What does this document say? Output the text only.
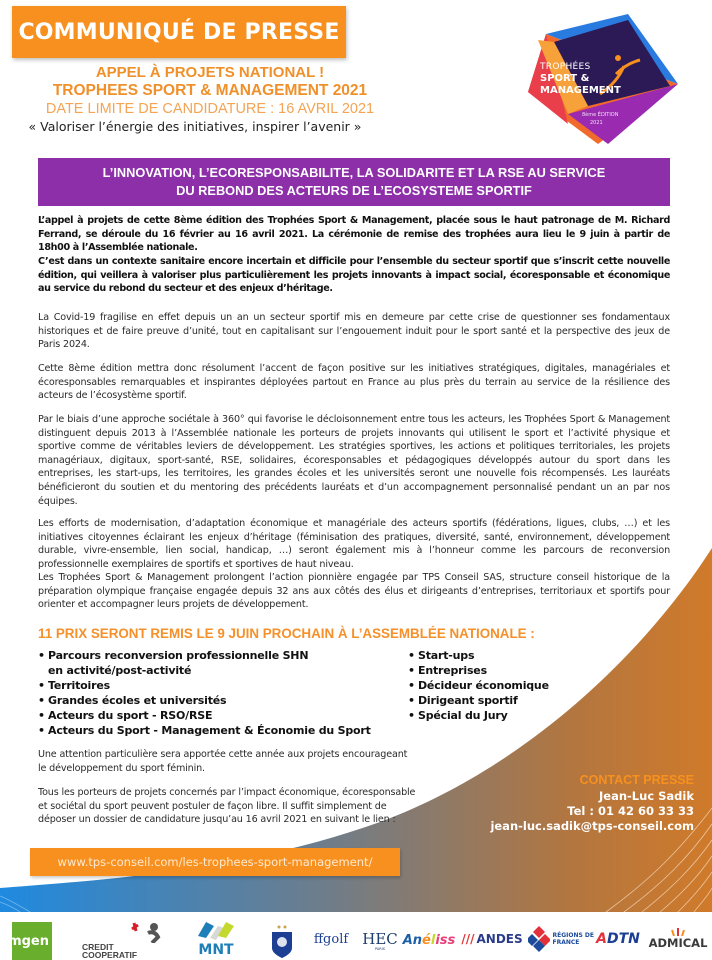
COMMUNIQUÉ DE PRESSE
APPEL À PROJETS NATIONAL !
TROPHEES SPORT & MANAGEMENT 2021
DATE LIMITE DE CANDIDATURE : 16 AVRIL 2021
« Valoriser l’énergie des initiatives, inspirer l’avenir »
TROPHÉES
SPORT &
MANAGEMENT
8ème ÉDITION
2021
L’INNOVATION, L’ECORESPONSABILITE, LA SOLIDARITE ET LA RSE AU SERVICE
DU REBOND DES ACTEURS DE L’ECOSYSTEME SPORTIF

L’appel à projets de cette 8ème édition des Trophées Sport & Management, placée sous le haut patronage de M. Richard Ferrand, se déroule du 16 février au 16 avril 2021. La cérémonie de remise des trophées aura lieu le 9 juin à partir de 18h00 à l’Assemblée nationale.

C’est dans un contexte sanitaire encore incertain et difficile pour l’ensemble du secteur sportif que s’inscrit cette nouvelle édition, qui veillera à valoriser plus particulièrement les projets innovants à impact social, écoresponsable et économique au service du rebond du secteur et des enjeux d’héritage.

La Covid-19 fragilise en effet depuis un an un secteur sportif mis en demeure par cette crise de questionner ses fondamentaux historiques et de faire preuve d’unité, tout en capitalisant sur l’engouement induit pour le sport santé et la perspective des jeux de Paris 2024.

Cette 8ème édition mettra donc résolument l’accent de façon positive sur les initiatives stratégiques, digitales, managériales et écoresponsables remarquables et inspirantes déployées partout en France au plus près du terrain au service de la résilience des acteurs de l’écosystème sportif.

Par le biais d’une approche sociétale à 360° qui favorise le décloisonnement entre tous les acteurs, les Trophées Sport & Management distinguent depuis 2013 à l’Assemblée nationale les porteurs de projets innovants qui utilisent le sport et l’activité physique et sportive comme de véritables leviers de développement. Les stratégies sportives, les actions et politiques territoriales, les projets managériaux, digitaux, sport-santé, RSE, solidaires, écoresponsables et pédagogiques développés autour du sport dans les entreprises, les start-ups, les territoires, les grandes écoles et les universités seront une nouvelle fois récompensés. Les lauréats bénéficieront du soutien et du mentoring des précédents lauréats et d’un accompagnement personnalisé pendant un an par nos équipes.

Les efforts de modernisation, d’adaptation économique et managériale des acteurs sportifs (fédérations, ligues, clubs, …) et les initiatives citoyennes éclairant les enjeux d’héritage (féminisation des pratiques, diversité, santé, environnement, développement durable, vivre-ensemble, lien social, handicap, …) seront également mis à l’honneur comme les parcours de reconversion professionnelle exemplaires de sportifs et sportives de haut niveau.

Les Trophées Sport & Management prolongent l’action pionnière engagée par TPS Conseil SAS, structure conseil historique de la préparation olympique française engagée depuis 32 ans aux côtés des élus et dirigeants d’entreprises, territoriaux et sportifs pour orienter et accompagner leurs projets de développement.

11 PRIX SERONT REMIS LE 9 JUIN PROCHAIN À L’ASSEMBLÉE NATIONALE :
• Parcours reconversion professionnelle SHN
en activité/post-activité
• Territoires
• Grandes écoles et universités
• Acteurs du sport - RSO/RSE
• Acteurs du Sport - Management & Économie du Sport
• Start-ups
• Entreprises
• Décideur économique
• Dirigeant sportif
• Spécial du Jury

Une attention particulière sera apportée cette année aux projets encourageant le développement du sport féminin.

Tous les porteurs de projets concernés par l’impact économique, écoresponsable et sociétal du sport peuvent postuler de façon libre. Il suffit simplement de déposer un dossier de candidature jusqu’au 16 avril 2021 en suivant le lien :

www.tps-conseil.com/les-trophees-sport-management/
CONTACT PRESSE
Jean-Luc Sadik
Tel : 01 42 60 33 33
jean-luc.sadik@tps-conseil.com
mgen	CREDIT COOPERATIF	MNT
ffgolf HEC
PARIS
Anéliss /// ANDES	RÉGIONS DE FRANCE	A DTN ADMICAL
